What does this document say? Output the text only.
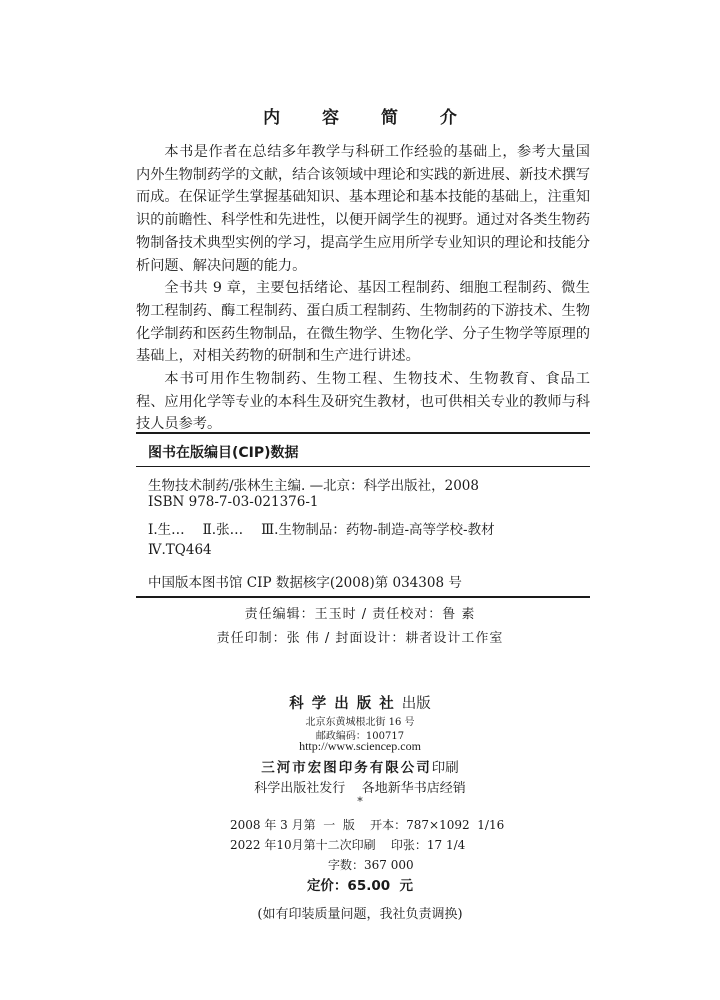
内 容 简 介

本书是作者在总结多年教学与科研工作经验的基础上，参考大量国内外生物制药学的文献，结合该领域中理论和实践的新进展、新技术撰写而成。在保证学生掌握基础知识、基本理论和基本技能的基础上，注重知识的前瞻性、科学性和先进性，以便开阔学生的视野。通过对各类生物药物制备技术典型实例的学习，提高学生应用所学专业知识的理论和技能分析问题、解决问题的能力。

全书共 9 章，主要包括绪论、基因工程制药、细胞工程制药、微生物工程制药、酶工程制药、蛋白质工程制药、生物制药的下游技术、生物化学制药和医药生物制品，在微生物学、生物化学、分子生物学等原理的基础上，对相关药物的研制和生产进行讲述。

本书可用作生物制药、生物工程、生物技术、生物教育、食品工程、应用化学等专业的本科生及研究生教材，也可供相关专业的教师与科技人员参考。

图书在版编目(CIP)数据
生物技术制药/张林生主编. —北京：科学出版社，2008
ISBN 978-7-03-021376-1
Ⅰ.生… Ⅱ.张… Ⅲ.生物制品：药物-制造-高等学校-教材
Ⅳ.TQ464
中国版本图书馆 CIP 数据核字(2008)第 034308 号
责任编辑：王玉时 / 责任校对：鲁 素
责任印制：张 伟 / 封面设计：耕者设计工作室
科学出版社出版
北京东黄城根北街 16 号
邮政编码：100717
http://www.sciencep.com
三河市宏图印务有限公司印刷
科学出版社发行    各地新华书店经销
*
2008 年 3 月第  一  版    开本：787×1092  1/16
2022 年10月第十二次印刷    印张：17 1/4
字数：367 000
定价：65.00  元
(如有印装质量问题，我社负责调换)
